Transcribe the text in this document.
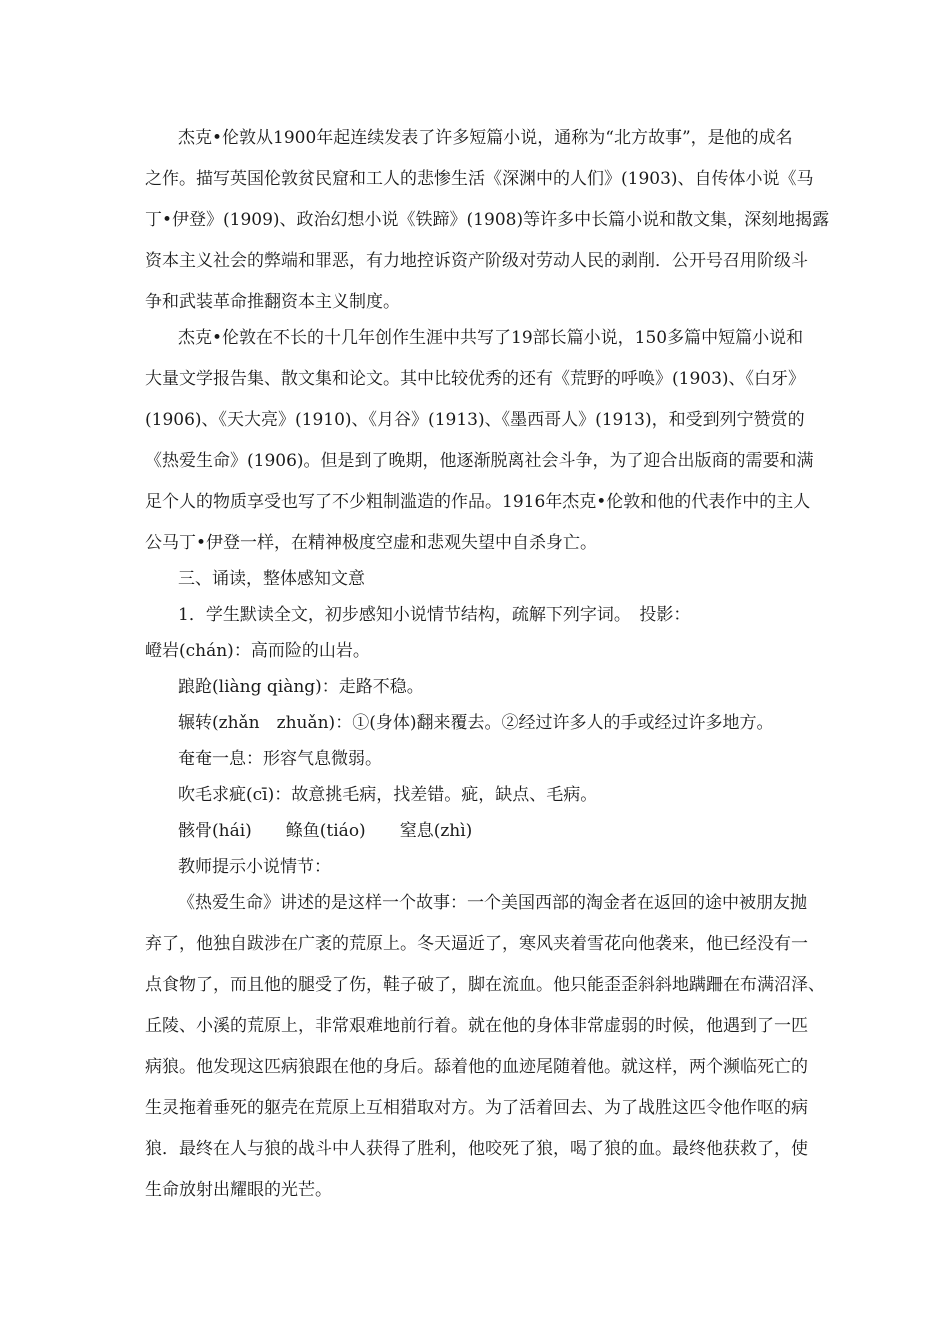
杰克•伦敦从1900年起连续发表了许多短篇小说，通称为“北方故事”，是他的成名
之作。描写英国伦敦贫民窟和工人的悲惨生活《深渊中的人们》(1903)、自传体小说《马
丁•伊登》(1909)、政治幻想小说《铁蹄》(1908)等许多中长篇小说和散文集，深刻地揭露
资本主义社会的弊端和罪恶，有力地控诉资产阶级对劳动人民的剥削．公开号召用阶级斗
争和武装革命推翻资本主义制度。
杰克•伦敦在不长的十几年创作生涯中共写了19部长篇小说，150多篇中短篇小说和
大量文学报告集、散文集和论文。其中比较优秀的还有《荒野的呼唤》(1903)、《白牙》
(1906)、《天大亮》(1910)、《月谷》(1913)、《墨西哥人》(1913)，和受到列宁赞赏的
《热爱生命》(1906)。但是到了晚期，他逐渐脱离社会斗争，为了迎合出版商的需要和满
足个人的物质享受也写了不少粗制滥造的作品。1916年杰克•伦敦和他的代表作中的主人
公马丁•伊登一样，在精神极度空虚和悲观失望中自杀身亡。
三、诵读，整体感知文意
1．学生默读全文，初步感知小说情节结构，疏解下列字词。　投影：
嶝岩(chán)：高而险的山岩。
踉跄(liàng qiàng)：走路不稳。
辗转(zhǎn　zhuǎn)：①(身体)翻来覆去。②经过许多人的手或经过许多地方。
奄奄一息：形容气息微弱。
吹毛求疵(cī)：故意挑毛病，找差错。疵，缺点、毛病。
骸骨(hái)　　鲦鱼(tiáo)　　窒息(zhì)
教师提示小说情节：
《热爱生命》讲述的是这样一个故事：一个美国西部的淘金者在返回的途中被朋友抛
弃了，他独自跋涉在广袤的荒原上。冬天逼近了，寒风夹着雪花向他袭来，他已经没有一
点食物了，而且他的腿受了伤，鞋子破了，脚在流血。他只能歪歪斜斜地蹒跚在布满沼泽、
丘陵、小溪的荒原上，非常艰难地前行着。就在他的身体非常虚弱的时候，他遇到了一匹
病狼。他发现这匹病狼跟在他的身后。舔着他的血迹尾随着他。就这样，两个濒临死亡的
生灵拖着垂死的躯壳在荒原上互相猎取对方。为了活着回去、为了战胜这匹令他作呕的病
狼．最终在人与狼的战斗中人获得了胜利，他咬死了狼，喝了狼的血。最终他获救了，使
生命放射出耀眼的光芒。
